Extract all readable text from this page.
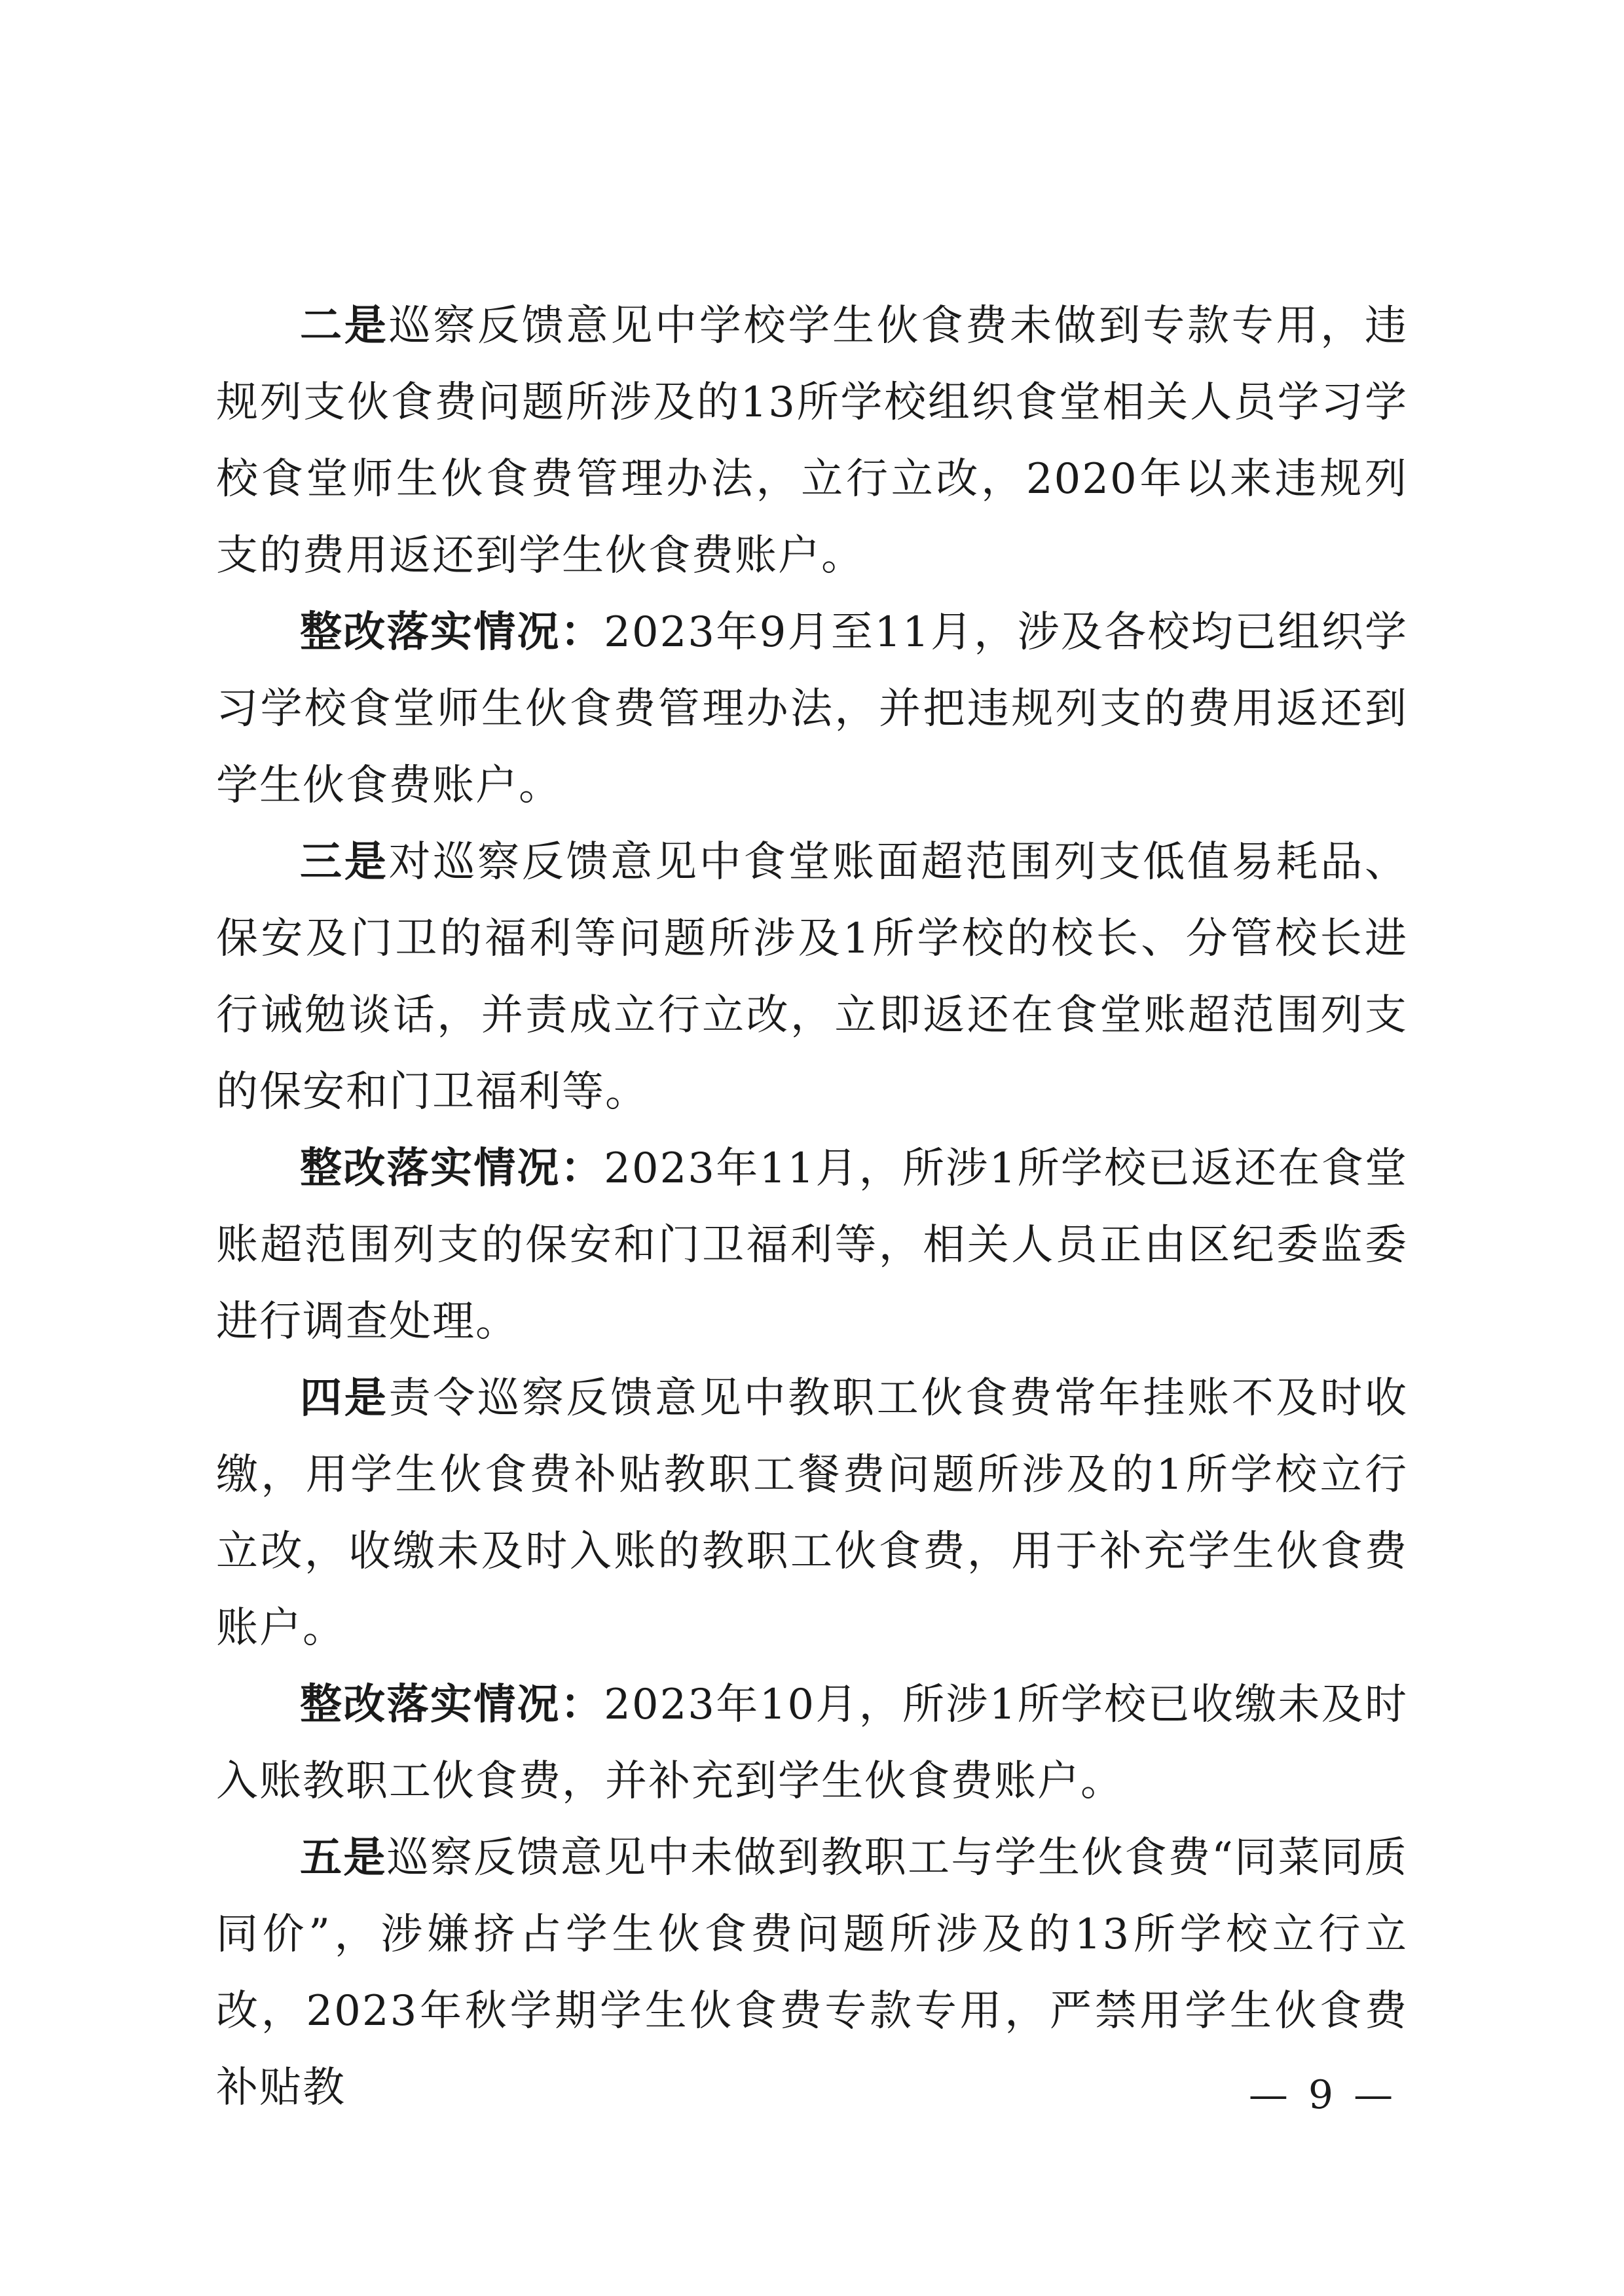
二是巡察反馈意见中学校学生伙食费未做到专款专用，违规列支伙食费问题所涉及的13所学校组织食堂相关人员学习学校食堂师生伙食费管理办法，立行立改，2020年以来违规列支的费用返还到学生伙食费账户。

整改落实情况：2023年9月至11月，涉及各校均已组织学习学校食堂师生伙食费管理办法，并把违规列支的费用返还到学生伙食费账户。

三是对巡察反馈意见中食堂账面超范围列支低值易耗品、保安及门卫的福利等问题所涉及1所学校的校长、分管校长进行诫勉谈话，并责成立行立改，立即返还在食堂账超范围列支的保安和门卫福利等。

整改落实情况：2023年11月，所涉1所学校已返还在食堂账超范围列支的保安和门卫福利等，相关人员正由区纪委监委进行调查处理。

四是责令巡察反馈意见中教职工伙食费常年挂账不及时收缴，用学生伙食费补贴教职工餐费问题所涉及的1所学校立行立改，收缴未及时入账的教职工伙食费，用于补充学生伙食费账户。

整改落实情况：2023年10月，所涉1所学校已收缴未及时入账教职工伙食费，并补充到学生伙食费账户。

五是巡察反馈意见中未做到教职工与学生伙食费“同菜同质同价”，涉嫌挤占学生伙食费问题所涉及的13所学校立行立改，2023年秋学期学生伙食费专款专用，严禁用学生伙食费补贴教	— 9 —
